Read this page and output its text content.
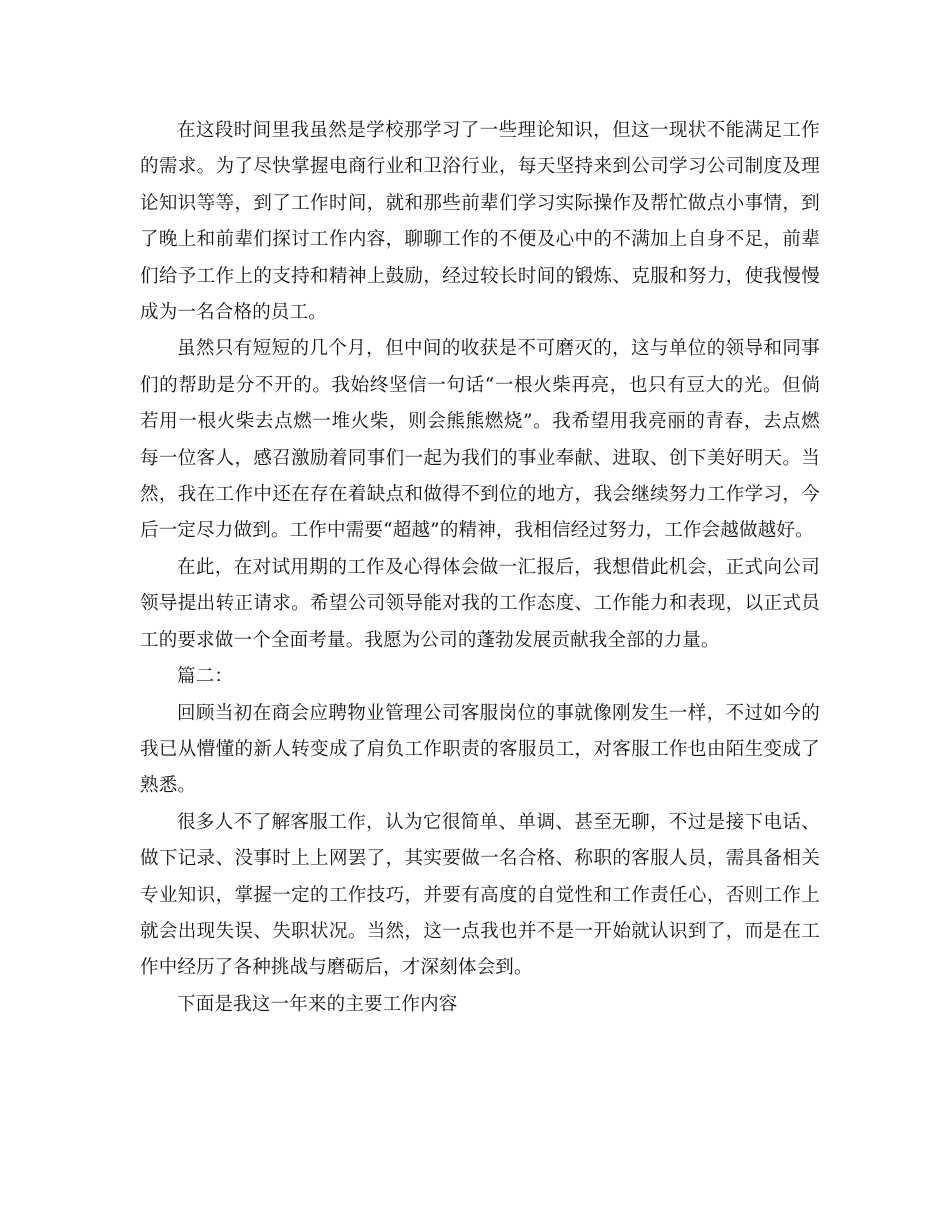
在这段时间里我虽然是学校那学习了一些理论知识，但这一现状不能满足工作的需求。为了尽快掌握电商行业和卫浴行业，每天坚持来到公司学习公司制度及理论知识等等，到了工作时间，就和那些前辈们学习实际操作及帮忙做点小事情，到了晚上和前辈们探讨工作内容，聊聊工作的不便及心中的不满加上自身不足，前辈们给予工作上的支持和精神上鼓励，经过较长时间的锻炼、克服和努力，使我慢慢成为一名合格的员工。

虽然只有短短的几个月，但中间的收获是不可磨灭的，这与单位的领导和同事们的帮助是分不开的。我始终坚信一句话“一根火柴再亮，也只有豆大的光。但倘若用一根火柴去点燃一堆火柴，则会熊熊燃烧”。我希望用我亮丽的青春，去点燃每一位客人，感召激励着同事们一起为我们的事业奉献、进取、创下美好明天。当然，我在工作中还在存在着缺点和做得不到位的地方，我会继续努力工作学习，今后一定尽力做到。工作中需要“超越”的精神，我相信经过努力，工作会越做越好。

在此，在对试用期的工作及心得体会做一汇报后，我想借此机会，正式向公司领导提出转正请求。希望公司领导能对我的工作态度、工作能力和表现，以正式员工的要求做一个全面考量。我愿为公司的蓬勃发展贡献我全部的力量。

篇二：

回顾当初在商会应聘物业管理公司客服岗位的事就像刚发生一样，不过如今的我已从懵懂的新人转变成了肩负工作职责的客服员工，对客服工作也由陌生变成了熟悉。

很多人不了解客服工作，认为它很简单、单调、甚至无聊，不过是接下电话、做下记录、没事时上上网罢了，其实要做一名合格、称职的客服人员，需具备相关专业知识，掌握一定的工作技巧，并要有高度的自觉性和工作责任心，否则工作上就会出现失误、失职状况。当然，这一点我也并不是一开始就认识到了，而是在工作中经历了各种挑战与磨砺后，才深刻体会到。

下面是我这一年来的主要工作内容
